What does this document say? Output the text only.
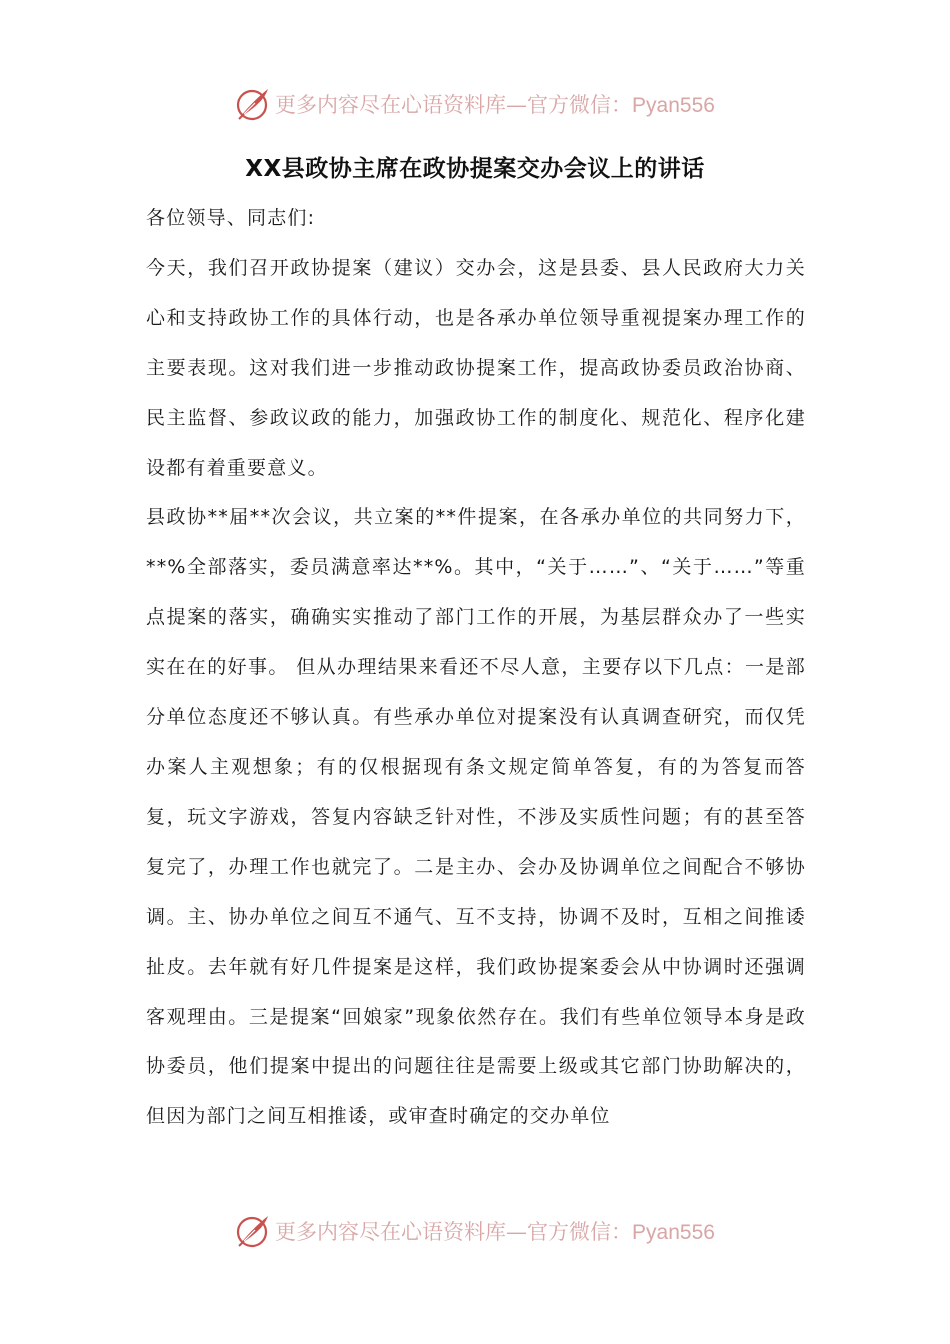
更多内容尽在心语资料库—官方微信：Pyan556
XX县政协主席在政协提案交办会议上的讲话

各位领导、同志们:

今天，我们召开政协提案（建议）交办会，这是县委、县人民政府大力关心和支持政协工作的具体行动，也是各承办单位领导重视提案办理工作的主要表现。这对我们进一步推动政协提案工作，提高政协委员政治协商、民主监督、参政议政的能力，加强政协工作的制度化、规范化、程序化建设都有着重要意义。

县政协**届**次会议，共立案的**件提案，在各承办单位的共同努力下，**%全部落实，委员满意率达**%。其中，“关于……”、“关于……”等重点提案的落实，确确实实推动了部门工作的开展，为基层群众办了一些实实在在的好事。 但从办理结果来看还不尽人意，主要存以下几点：一是部分单位态度还不够认真。有些承办单位对提案没有认真调查研究，而仅凭办案人主观想象；有的仅根据现有条文规定简单答复，有的为答复而答复，玩文字游戏，答复内容缺乏针对性，不涉及实质性问题；有的甚至答复完了，办理工作也就完了。二是主办、会办及协调单位之间配合不够协调。主、协办单位之间互不通气、互不支持，协调不及时，互相之间推诿扯皮。去年就有好几件提案是这样，我们政协提案委会从中协调时还强调客观理由。三是提案“回娘家”现象依然存在。我们有些单位领导本身是政协委员，他们提案中提出的问题往往是需要上级或其它部门协助解决的，但因为部门之间互相推诿，或审查时确定的交办单位

更多内容尽在心语资料库—官方微信：Pyan556
